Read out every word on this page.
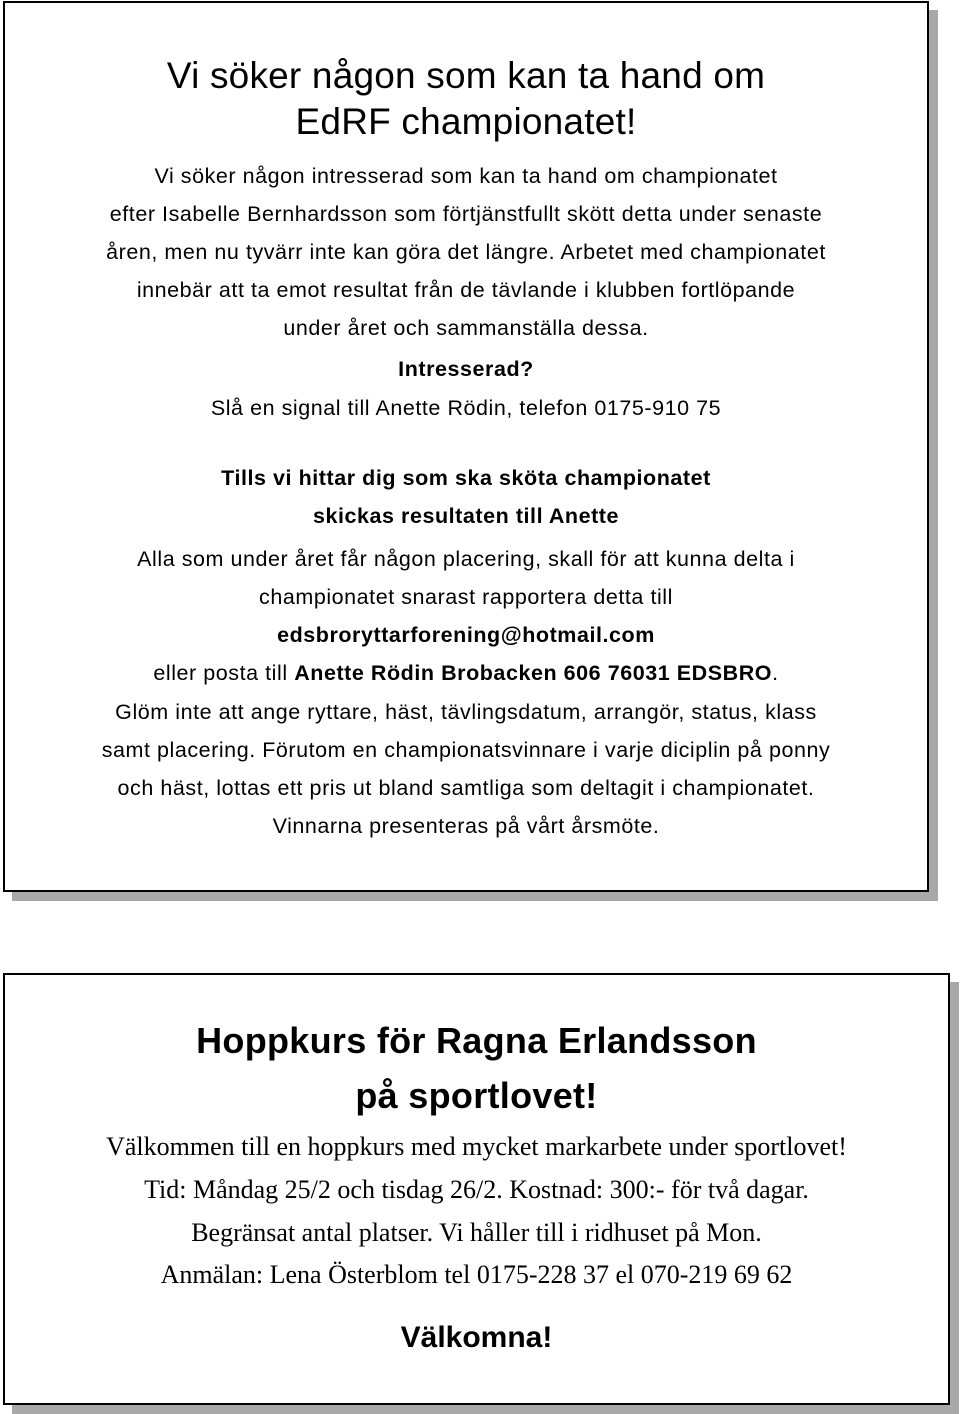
Vi söker någon som kan ta hand om
EdRF championatet!
Vi söker någon intresserad som kan ta hand om championatet
efter Isabelle Bernhardsson som förtjänstfullt skött detta under senaste
åren, men nu tyvärr inte kan göra det längre. Arbetet med championatet
innebär att ta emot resultat från de tävlande i klubben fortlöpande
under året och sammanställa dessa.
Intresserad?
Slå en signal till Anette Rödin, telefon 0175-910 75
Tills vi hittar dig som ska sköta championatet
skickas resultaten till Anette
Alla som under året får någon placering, skall för att kunna delta i
championatet snarast rapportera detta till
edsbroryttarforening@hotmail.com
eller posta till Anette Rödin Brobacken 606 76031 EDSBRO.
Glöm inte att ange ryttare, häst, tävlingsdatum, arrangör, status, klass
samt placering. Förutom en championatsvinnare i varje diciplin på ponny
och häst, lottas ett pris ut bland samtliga som deltagit i championatet.
Vinnarna presenteras på vårt årsmöte.
Hoppkurs för Ragna Erlandsson
på sportlovet!
Välkommen till en hoppkurs med mycket markarbete under sportlovet!
Tid: Måndag 25/2 och tisdag 26/2. Kostnad: 300:- för två dagar.
Begränsat antal platser. Vi håller till i ridhuset på Mon.
Anmälan: Lena Österblom tel 0175-228 37 el 070-219 69 62
Välkomna!
